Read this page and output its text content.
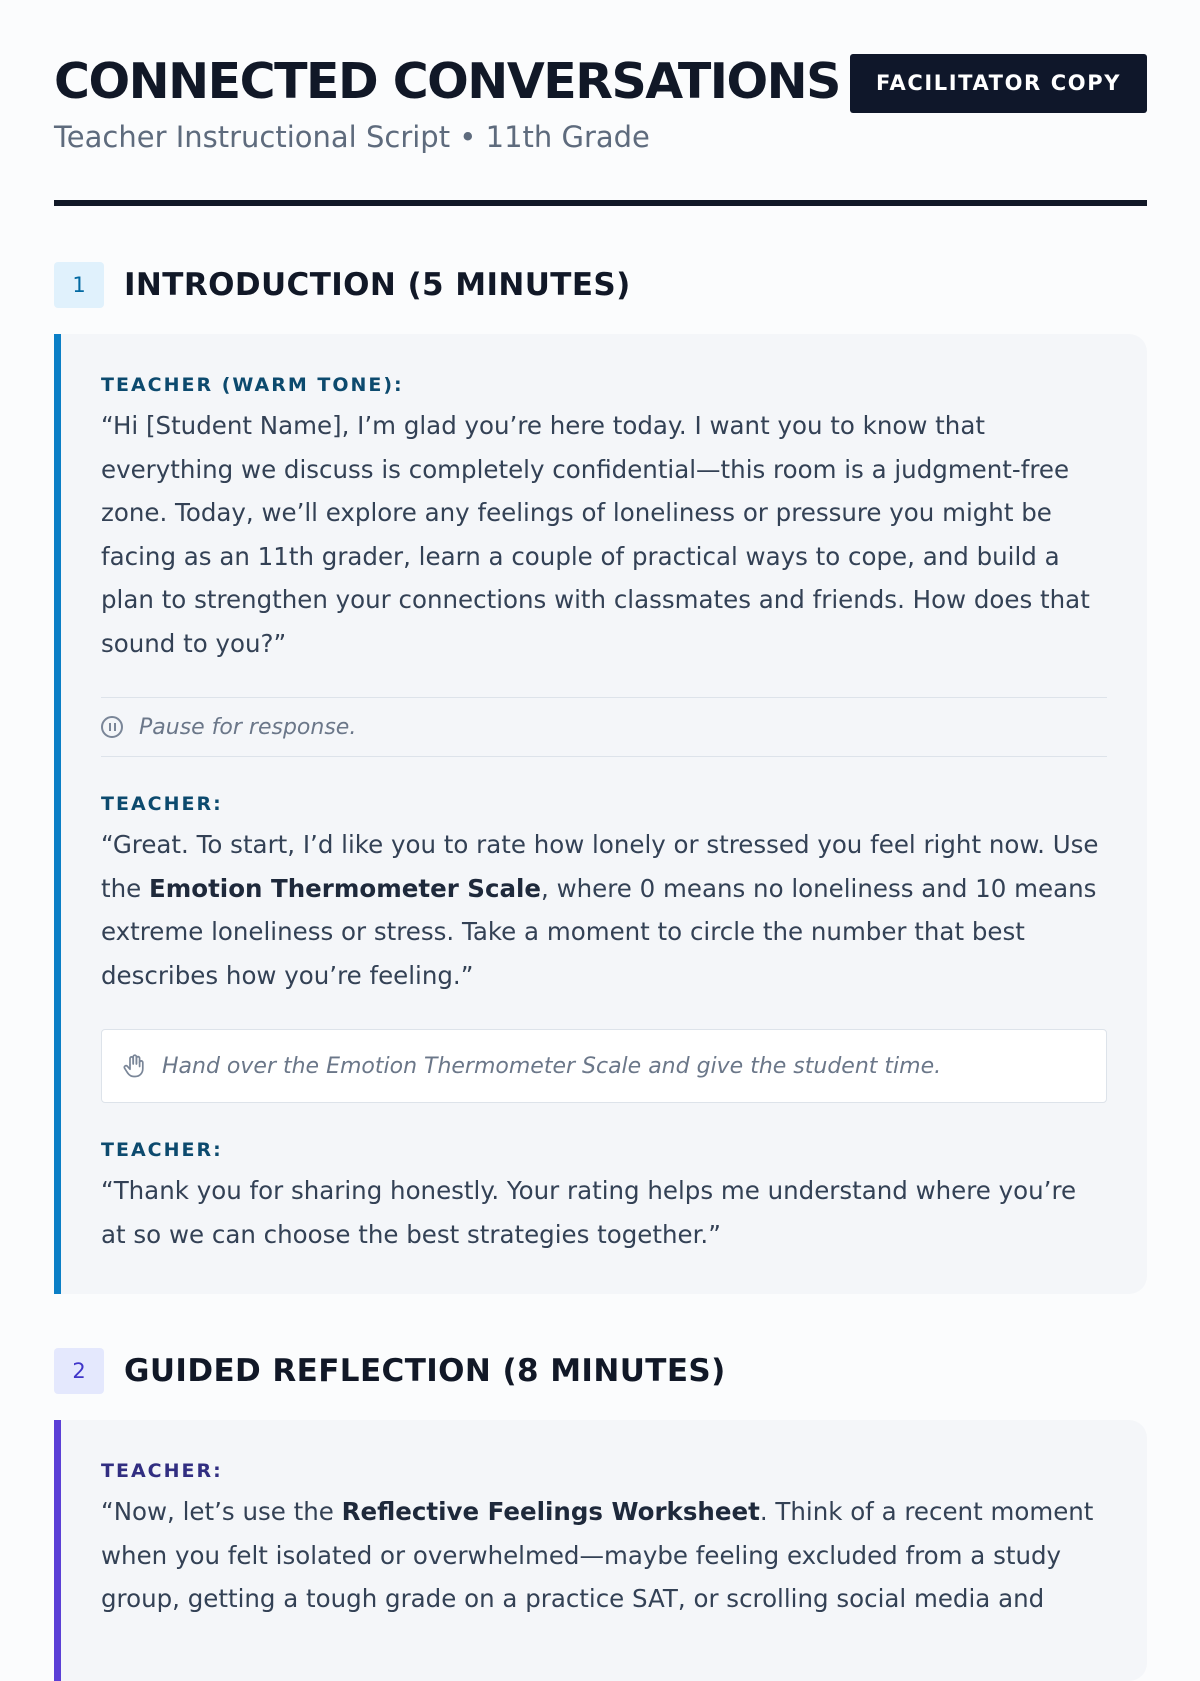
CONNECTED CONVERSATIONS	FACILITATOR COPY
Teacher Instructional Script • 11th Grade
1	INTRODUCTION (5 MINUTES)
TEACHER (WARM TONE):

“Hi [Student Name], I’m glad you’re here today. I want you to know that everything we discuss is completely confidential—this room is a judgment-free zone. Today, we’ll explore any feelings of loneliness or pressure you might be facing as an 11th grader, learn a couple of practical ways to cope, and build a plan to strengthen your connections with classmates and friends. How does that sound to you?”

Pause for response.
TEACHER:

“Great. To start, I’d like you to rate how lonely or stressed you feel right now. Use the Emotion Thermometer Scale, where 0 means no loneliness and 10 means extreme loneliness or stress. Take a moment to circle the number that best describes how you’re feeling.”

Hand over the Emotion Thermometer Scale and give the student time.
TEACHER:

“Thank you for sharing honestly. Your rating helps me understand where you’re at so we can choose the best strategies together.”

2	GUIDED REFLECTION (8 MINUTES)
TEACHER:

“Now, let’s use the Reflective Feelings Worksheet. Think of a recent moment when you felt isolated or overwhelmed—maybe feeling excluded from a study group, getting a tough grade on a practice SAT, or scrolling social media and
